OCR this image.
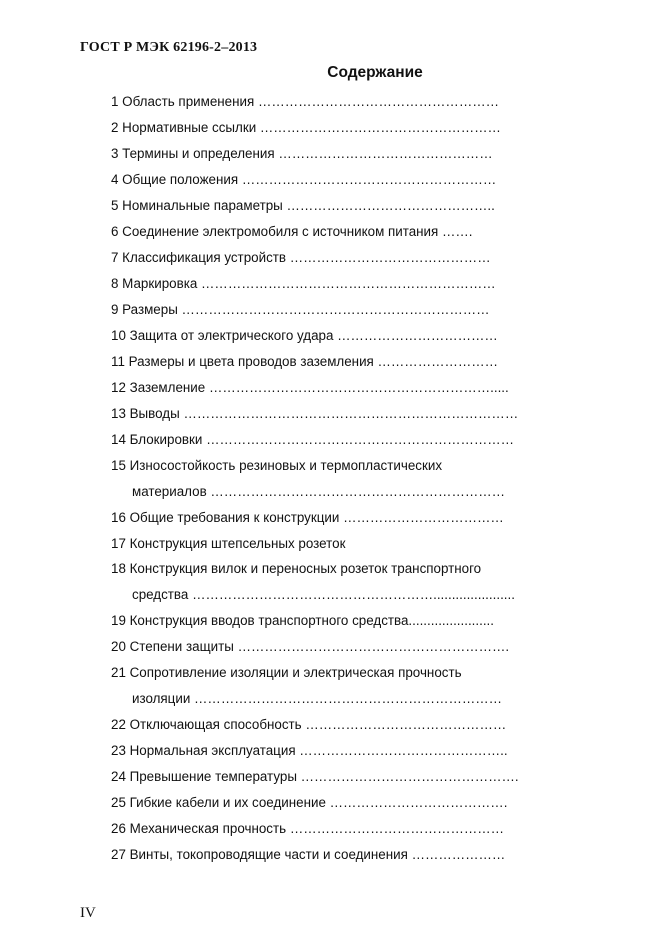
ГОСТ Р МЭК 62196-2–2013
Содержание
1 Область применения ………………………………………………
2 Нормативные ссылки ………………………………………………
3 Термины и определения …………………………………………
4 Общие положения …………………………………………………
5 Номинальные параметры ………………………………………..
6 Соединение электромобиля с источником питания …….
7 Классификация устройств ………………………………………
8 Маркировка …………………………………………………………
9 Размеры ……………………………………………………………
10 Защита от электрического удара ………………………………
11 Размеры и цвета проводов заземления ………………………
12 Заземление ……………………………………………………….....
13 Выводы …………………………………………………………………
14 Блокировки ……………………………………………………………
15 Износостойкость резиновых и термопластических
материалов …………………………………………………………
16 Общие требования к конструкции ………………………………
17 Конструкция штепсельных розеток
18 Конструкция вилок и переносных розеток транспортного
средства ………………………………………………......................
19 Конструкция вводов транспортного средства.......................
20 Степени защиты …………………………………………………….
21 Сопротивление изоляции и электрическая прочность
изоляции ……………………………………………………………
22 Отключающая способность ………………………………………
23 Нормальная эксплуатация ………………………………………..
24 Превышение температуры ………………………………………….
25 Гибкие кабели и их соединение ………………………………….
26 Механическая прочность …………………………………………
27 Винты, токопроводящие части и соединения …………………
IV
